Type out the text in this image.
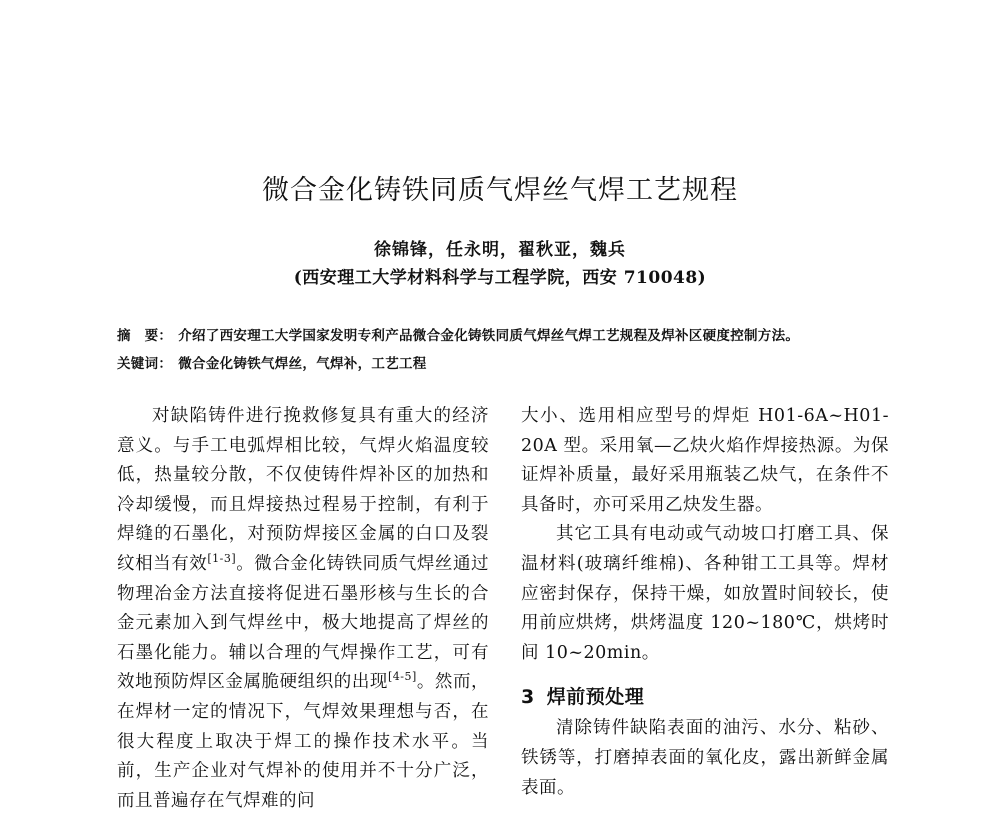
微合金化铸铁同质气焊丝气焊工艺规程
徐锦锋，任永明，翟秋亚，魏兵
(西安理工大学材料科学与工程学院，西安 710048)
摘　要： 介绍了西安理工大学国家发明专利产品微合金化铸铁同质气焊丝气焊工艺规程及焊补区硬度控制方法。
关键词： 微合金化铸铁气焊丝，气焊补，工艺工程

对缺陷铸件进行挽救修复具有重大的经济意义。与手工电弧焊相比较，气焊火焰温度较低，热量较分散，不仅使铸件焊补区的加热和冷却缓慢，而且焊接热过程易于控制，有利于焊缝的石墨化，对预防焊接区金属的白口及裂纹相当有效[1-3]。微合金化铸铁同质气焊丝通过物理冶金方法直接将促进石墨形核与生长的合金元素加入到气焊丝中，极大地提高了焊丝的石墨化能力。辅以合理的气焊操作工艺，可有效地预防焊区金属脆硬组织的出现[4-5]。然而，在焊材一定的情况下，气焊效果理想与否，在很大程度上取决于焊工的操作技术水平。当前，生产企业对气焊补的使用并不十分广泛，而且普遍存在气焊难的问

大小、选用相应型号的焊炬 H01-6A~H01-20A 型。采用氧—乙炔火焰作焊接热源。为保证焊补质量，最好采用瓶装乙炔气，在条件不具备时，亦可采用乙炔发生器。

其它工具有电动或气动坡口打磨工具、保温材料(玻璃纤维棉)、各种钳工工具等。焊材应密封保存，保持干燥，如放置时间较长，使用前应烘烤，烘烤温度 120~180℃，烘烤时间 10~20min。

3 焊前预处理

清除铸件缺陷表面的油污、水分、粘砂、铁锈等，打磨掉表面的氧化皮，露出新鲜金属表面。
